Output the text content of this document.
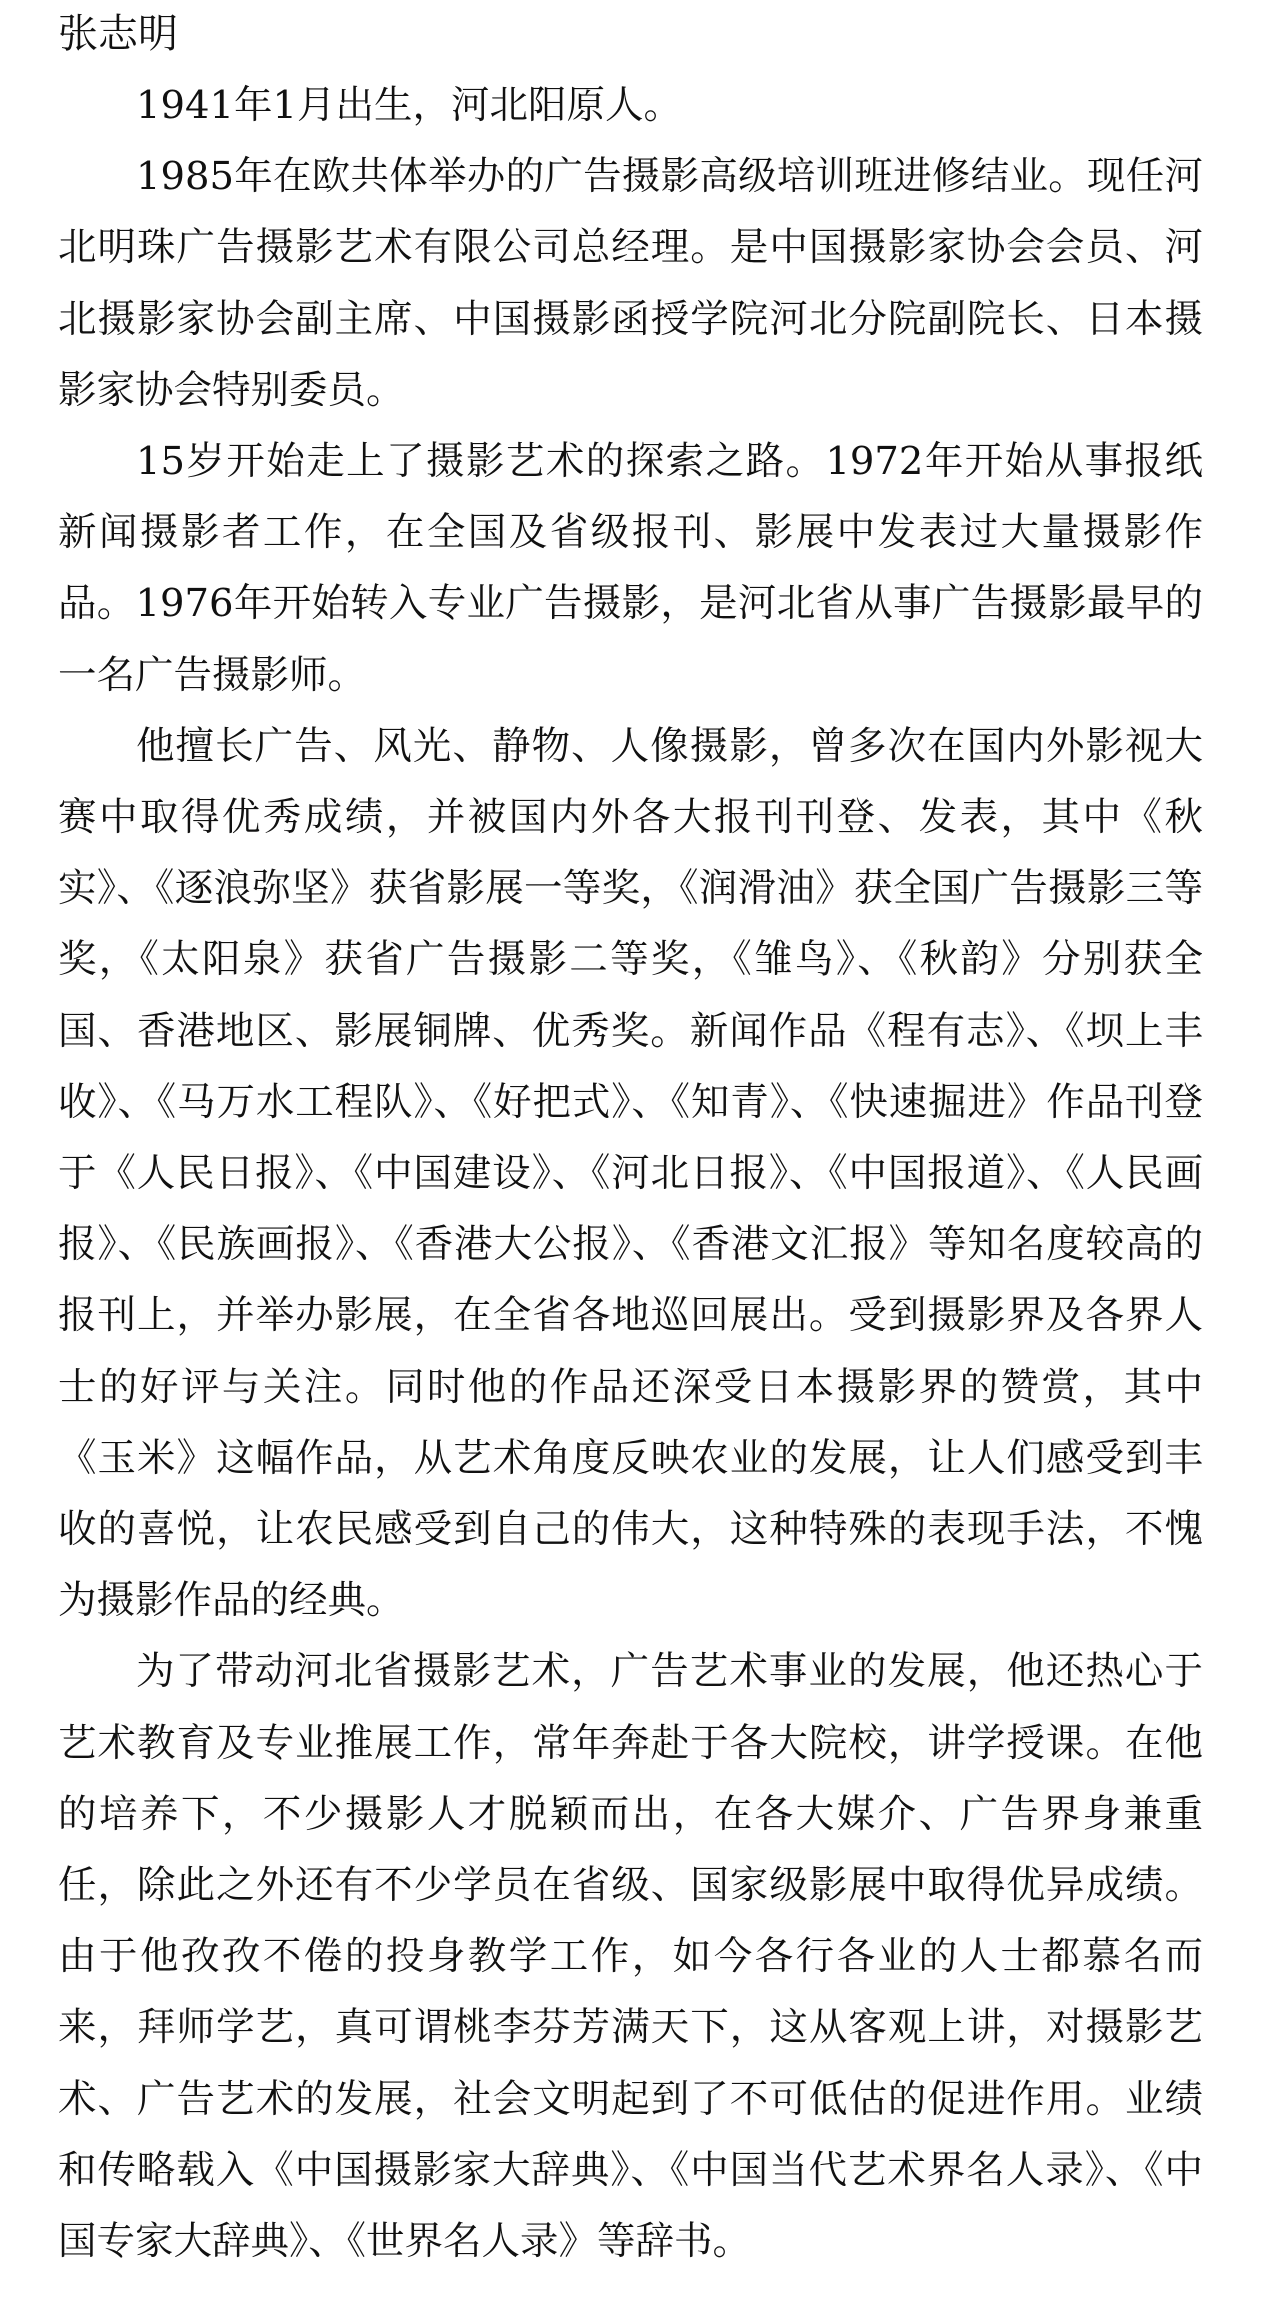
张志明

1941年1月出生，河北阳原人。

1985年在欧共体举办的广告摄影高级培训班进修结业。现任河北明珠广告摄影艺术有限公司总经理。是中国摄影家协会会员、河北摄影家协会副主席、中国摄影函授学院河北分院副院长、日本摄影家协会特别委员。

15岁开始走上了摄影艺术的探索之路。1972年开始从事报纸新闻摄影者工作，在全国及省级报刊、影展中发表过大量摄影作品。1976年开始转入专业广告摄影，是河北省从事广告摄影最早的一名广告摄影师。

他擅长广告、风光、静物、人像摄影，曾多次在国内外影视大赛中取得优秀成绩，并被国内外各大报刊刊登、发表，其中《秋实》、《逐浪弥坚》获省影展一等奖，《润滑油》获全国广告摄影三等奖，《太阳泉》获省广告摄影二等奖，《雏鸟》、《秋韵》分别获全国、香港地区、影展铜牌、优秀奖。新闻作品《程有志》、《坝上丰收》、《马万水工程队》、《好把式》、《知青》、《快速掘进》作品刊登于《人民日报》、《中国建设》、《河北日报》、《中国报道》、《人民画报》、《民族画报》、《香港大公报》、《香港文汇报》等知名度较高的报刊上，并举办影展，在全省各地巡回展出。受到摄影界及各界人士的好评与关注。同时他的作品还深受日本摄影界的赞赏，其中《玉米》这幅作品，从艺术角度反映农业的发展，让人们感受到丰收的喜悦，让农民感受到自己的伟大，这种特殊的表现手法，不愧为摄影作品的经典。

为了带动河北省摄影艺术，广告艺术事业的发展，他还热心于艺术教育及专业推展工作，常年奔赴于各大院校，讲学授课。在他的培养下，不少摄影人才脱颖而出，在各大媒介、广告界身兼重任，除此之外还有不少学员在省级、国家级影展中取得优异成绩。由于他孜孜不倦的投身教学工作，如今各行各业的人士都慕名而来，拜师学艺，真可谓桃李芬芳满天下，这从客观上讲，对摄影艺术、广告艺术的发展，社会文明起到了不可低估的促进作用。业绩和传略载入《中国摄影家大辞典》、《中国当代艺术界名人录》、《中国专家大辞典》、《世界名人录》等辞书。
